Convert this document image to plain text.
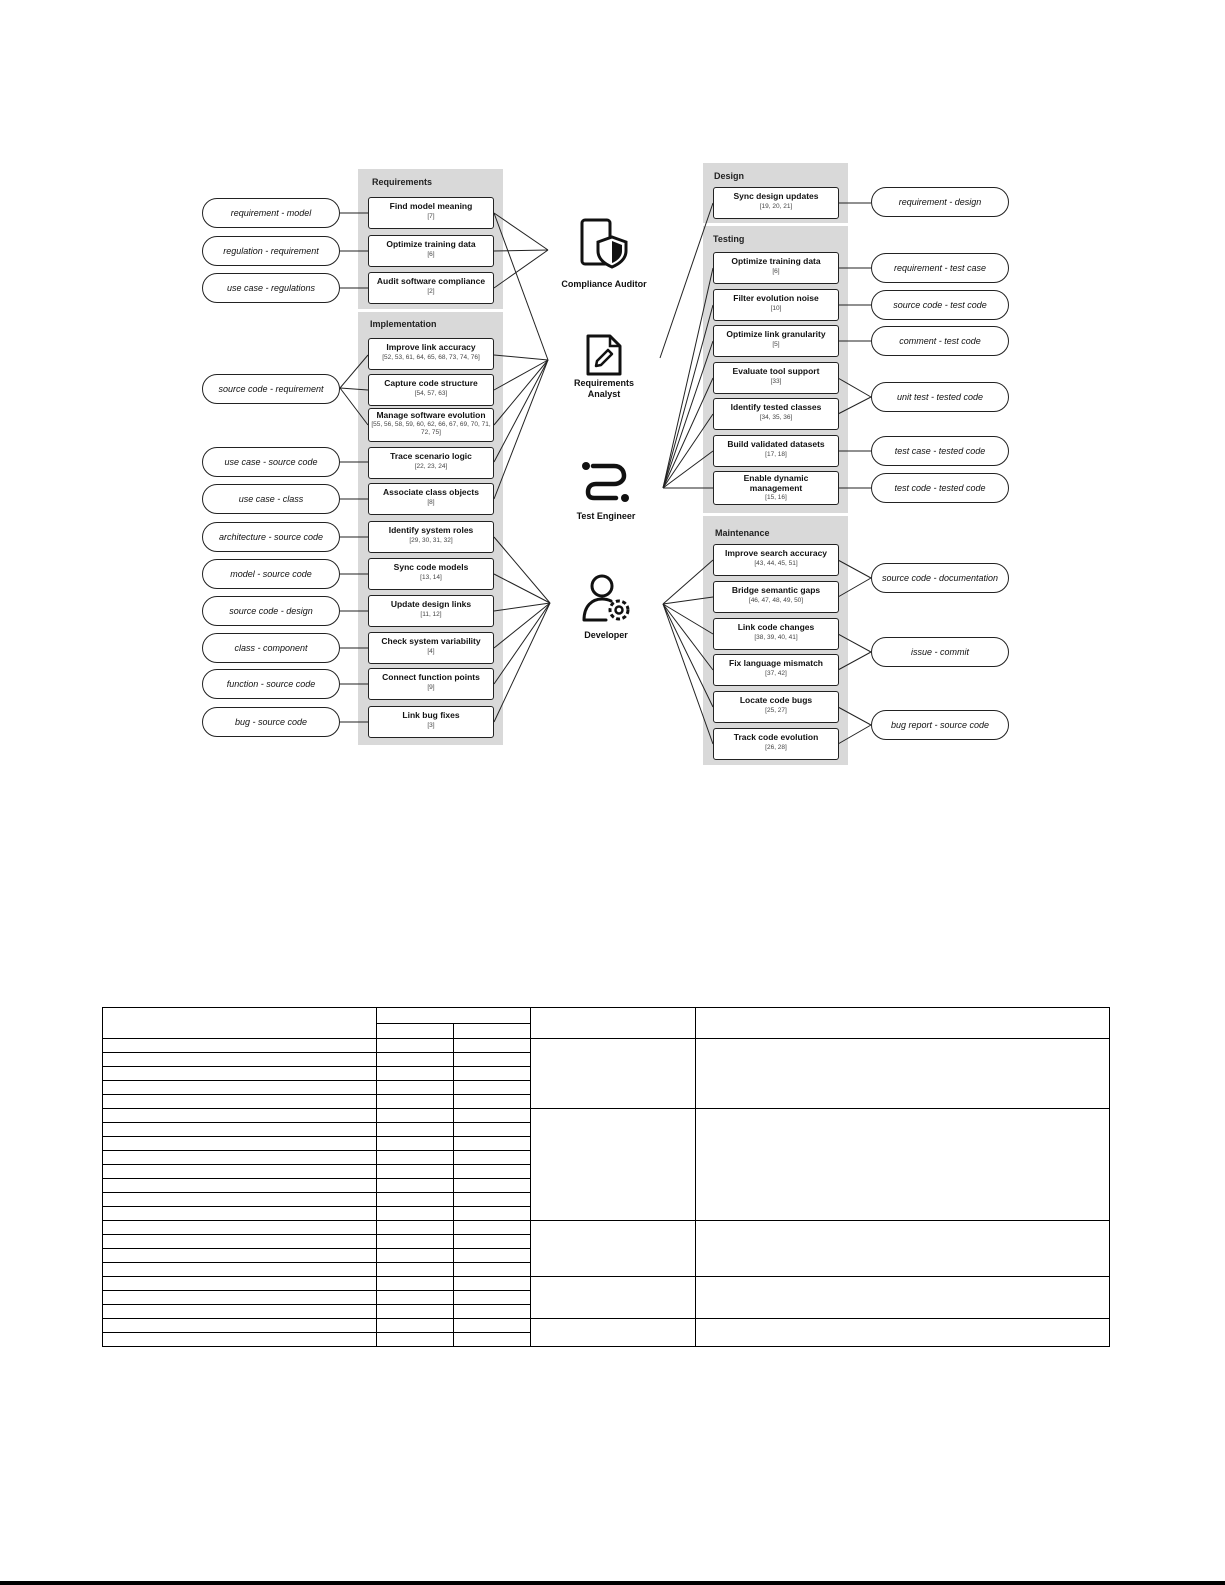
Requirements
Implementation
Design
Testing
Maintenance
requirement - model
regulation - requirement
use case - regulations
source code - requirement
use case - source code
use case - class
architecture - source code
model - source code
source code - design
class - component
function - source code
bug - source code
Find model meaning
[7]
Optimize training data
[6]
Audit software compliance
[2]
Improve link accuracy
[52, 53, 61, 64, 65, 68, 73, 74, 76]
Capture code structure
[54, 57, 63]
Manage software evolution
[55, 56, 58, 59, 60, 62, 66, 67, 69, 70, 71, 72, 75]
Trace scenario logic
[22, 23, 24]
Associate class objects
[8]
Identify system roles
[29, 30, 31, 32]
Sync code models
[13, 14]
Update design links
[11, 12]
Check system variability
[4]
Connect function points
[9]
Link bug fixes
[3]
Sync design updates
[19, 20, 21]
Optimize training data
[6]
Filter evolution noise
[10]
Optimize link granularity
[5]
Evaluate tool support
[33]
Identify tested classes
[34, 35, 36]
Build validated datasets
[17, 18]
Enable dynamic management
[15, 16]
Improve search accuracy
[43, 44, 45, 51]
Bridge semantic gaps
[46, 47, 48, 49, 50]
Link code changes
[38, 39, 40, 41]
Fix language mismatch
[37, 42]
Locate code bugs
[25, 27]
Track code evolution
[26, 28]
requirement - design
requirement - test case
source code - test code
comment - test code
unit test - tested code
test case - tested code
test code - tested code
source code - documentation
issue - commit
bug report - source code
Compliance Auditor
Requirements
Analyst
Test Engineer
Developer
